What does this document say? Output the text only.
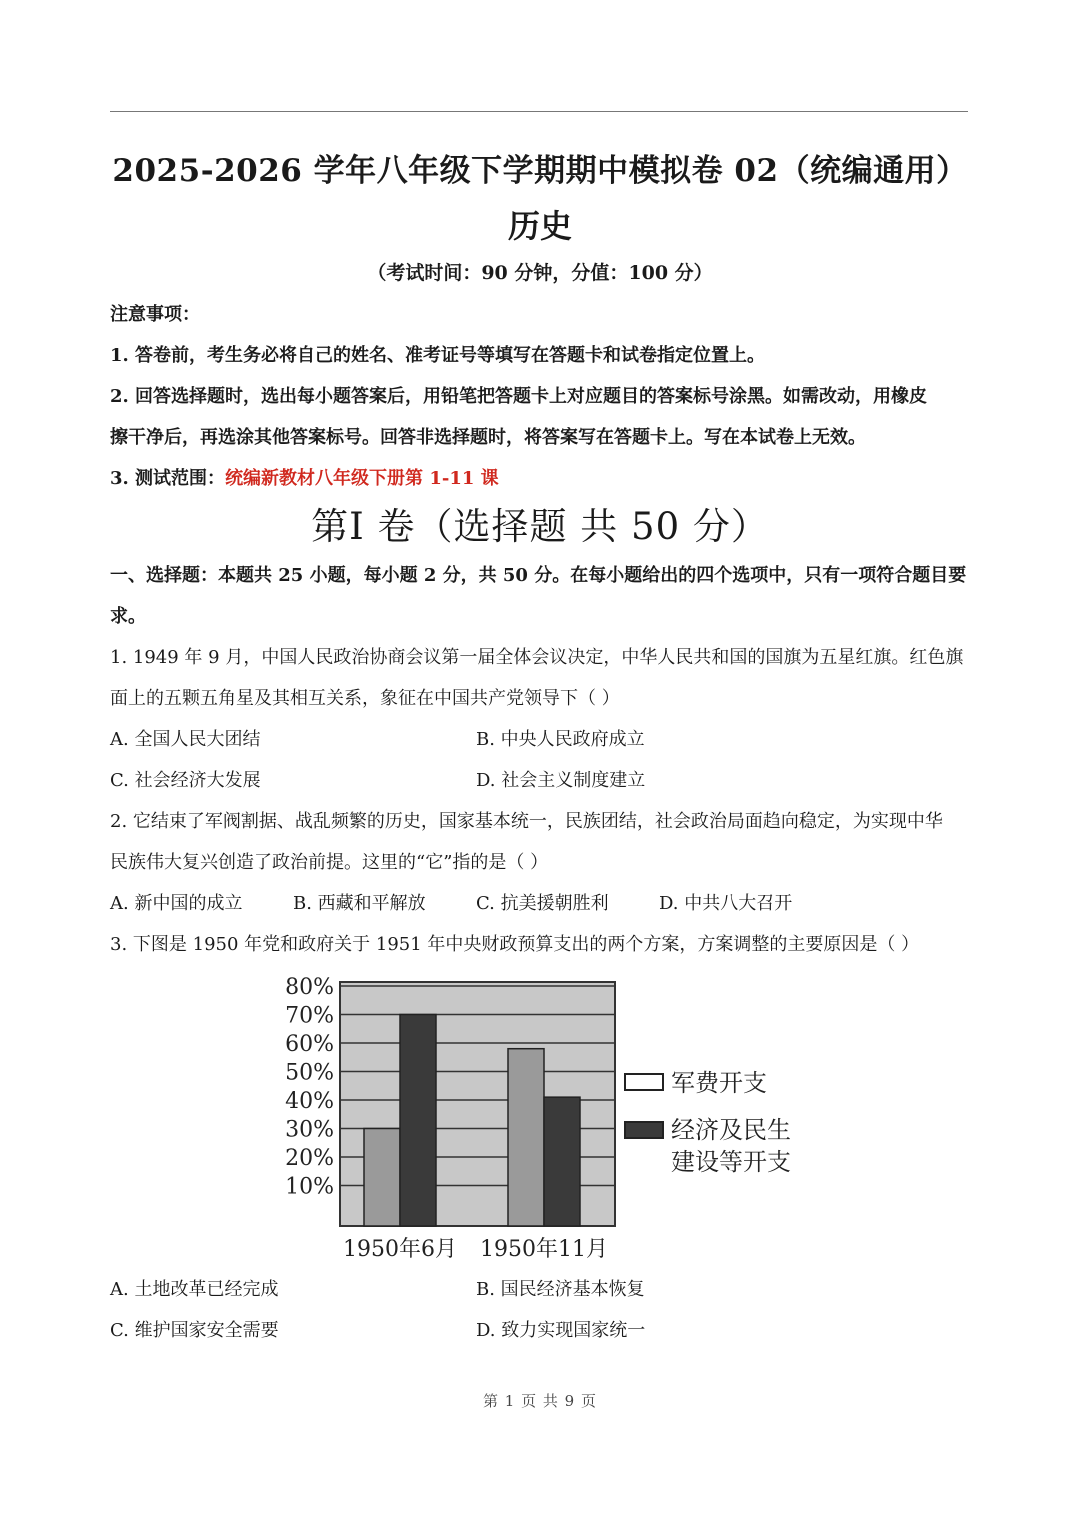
2025-2026 学年八年级下学期期中模拟卷 02（统编通用）
历史
（考试时间：90 分钟，分值：100 分）
注意事项：
1. 答卷前，考生务必将自己的姓名、准考证号等填写在答题卡和试卷指定位置上。
2. 回答选择题时，选出每小题答案后，用铅笔把答题卡上对应题目的答案标号涂黑。如需改动，用橡皮
擦干净后，再选涂其他答案标号。回答非选择题时，将答案写在答题卡上。写在本试卷上无效。
3. 测试范围：统编新教材八年级下册第 1-11 课
第Ⅰ 卷（选择题 共 50 分）
一、选择题：本题共 25 小题，每小题 2 分，共 50 分。在每小题给出的四个选项中，只有一项符合题目要
求。
1. 1949 年 9 月，中国人民政治协商会议第一届全体会议决定，中华人民共和国的国旗为五星红旗。红色旗
面上的五颗五角星及其相互关系，象征在中国共产党领导下（ ）
A. 全国人民大团结	B. 中央人民政府成立
C. 社会经济大发展	D. 社会主义制度建立
2. 它结束了军阀割据、战乱频繁的历史，国家基本统一，民族团结，社会政治局面趋向稳定，为实现中华
民族伟大复兴创造了政治前提。这里的“它”指的是（ ）
A. 新中国的成立	B. 西藏和平解放	C. 抗美援朝胜利	D. 中共八大召开
3. 下图是 1950 年党和政府关于 1951 年中央财政预算支出的两个方案，方案调整的主要原因是（ ）
10%
20%
30%
40%
50%
60%
70%
80%
1950年6月 1950年11月
军费开支
经济及民生
建设等开支
A. 土地改革已经完成	B. 国民经济基本恢复
C. 维护国家安全需要	D. 致力实现国家统一
第 1 页 共 9 页
